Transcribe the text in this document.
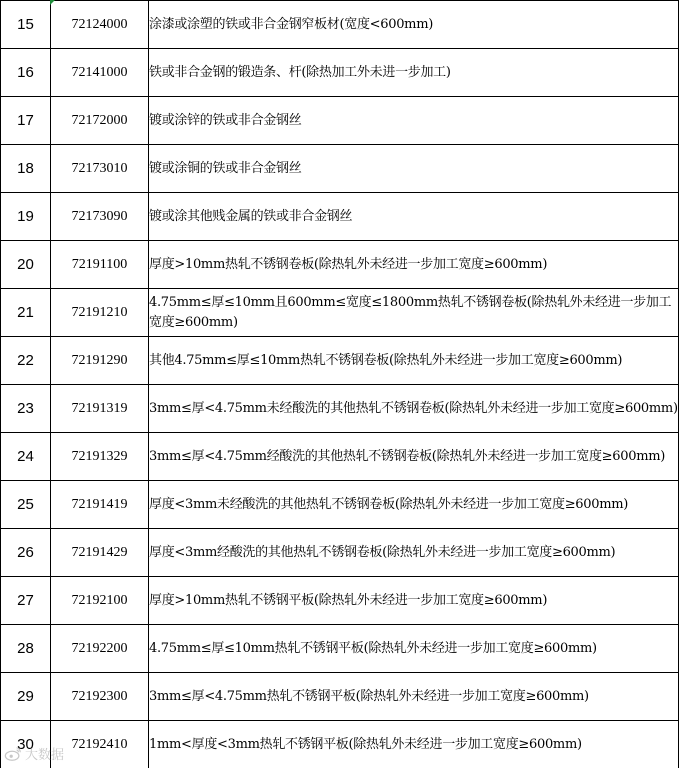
15	72124000	涂漆或涂塑的铁或非合金钢窄板材(宽度<600mm)
16	72141000	铁或非合金钢的锻造条、杆(除热加工外未进一步加工)
17	72172000	镀或涂锌的铁或非合金钢丝
18	72173010	镀或涂铜的铁或非合金钢丝
19	72173090	镀或涂其他贱金属的铁或非合金钢丝
20	72191100	厚度>10mm热轧不锈钢卷板(除热轧外未经进一步加工宽度≥600mm)
21	72191210	4.75mm≤厚≤10mm且600mm≤宽度≤1800mm热轧不锈钢卷板(除热轧外未经进一步加工宽度≥600mm)
22	72191290	其他4.75mm≤厚≤10mm热轧不锈钢卷板(除热轧外未经进一步加工宽度≥600mm)
23	72191319	3mm≤厚<4.75mm未经酸洗的其他热轧不锈钢卷板(除热轧外未经进一步加工宽度≥600mm)
24	72191329	3mm≤厚<4.75mm经酸洗的其他热轧不锈钢卷板(除热轧外未经进一步加工宽度≥600mm)
25	72191419	厚度<3mm未经酸洗的其他热轧不锈钢卷板(除热轧外未经进一步加工宽度≥600mm)
26	72191429	厚度<3mm经酸洗的其他热轧不锈钢卷板(除热轧外未经进一步加工宽度≥600mm)
27	72192100	厚度>10mm热轧不锈钢平板(除热轧外未经进一步加工宽度≥600mm)
28	72192200	4.75mm≤厚≤10mm热轧不锈钢平板(除热轧外未经进一步加工宽度≥600mm)
29	72192300	3mm≤厚<4.75mm热轧不锈钢平板(除热轧外未经进一步加工宽度≥600mm)
30	72192410	1mm<厚度<3mm热轧不锈钢平板(除热轧外未经进一步加工宽度≥600mm)
大数据
